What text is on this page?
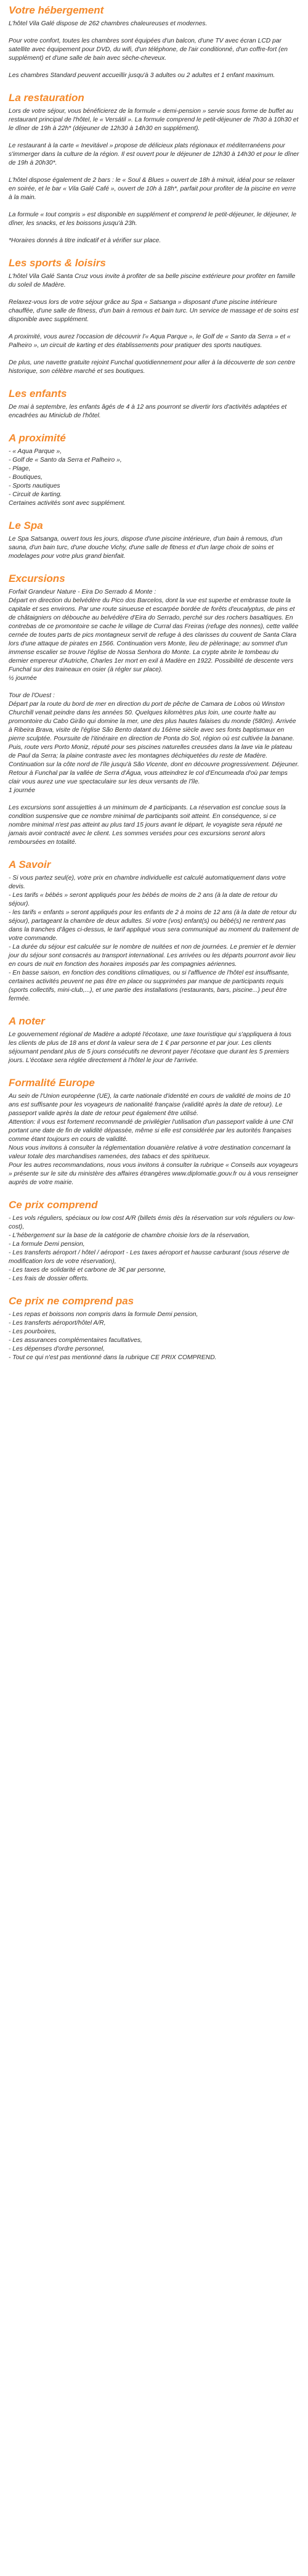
Votre hébergement

L'hôtel Vila Galé dispose de 262 chambres chaleureuses et modernes.

Pour votre confort, toutes les chambres sont équipées d'un balcon, d'une TV avec écran LCD par satellite avec équipement pour DVD, du wifi, d'un téléphone, de l'air conditionné, d'un coffre-fort (en supplément) et d'une salle de bain avec sèche-cheveux.

Les chambres Standard peuvent accueillir jusqu'à 3 adultes ou 2 adultes et 1 enfant maximum.

La restauration

Lors de votre séjour, vous bénéficierez de la formule « demi-pension » servie sous forme de buffet au restaurant principal de l'hôtel, le « Versátil ». La formule comprend le petit-déjeuner de 7h30 à 10h30 et le dîner de 19h à 22h* (déjeuner de 12h30 à 14h30 en supplément).

Le restaurant à la carte « Inevitável » propose de délicieux plats régionaux et méditerranéens pour s'immerger dans la culture de la région. Il est ouvert pour le déjeuner de 12h30 à 14h30 et pour le dîner de 19h à 20h30*.

L'hôtel dispose également de 2 bars : le « Soul & Blues » ouvert de 18h à minuit, idéal pour se relaxer en soirée, et le bar « Vila Galé Café », ouvert de 10h à 18h*, parfait pour profiter de la piscine en verre à la main.

La formule « tout compris » est disponible en supplément et comprend le petit-déjeuner, le déjeuner, le dîner, les snacks, et les boissons jusqu'à 23h.

*Horaires donnés à titre indicatif et à vérifier sur place.

Les sports & loisirs

L'hôtel Vila Galé Santa Cruz vous invite à profiter de sa belle piscine extérieure pour profiter en famille du soleil de Madère.

Relaxez-vous lors de votre séjour grâce au Spa « Satsanga » disposant d'une piscine intérieure chauffée, d'une salle de fitness, d'un bain à remous et bain turc. Un service de massage et de soins est disponible avec supplément.

A proximité, vous aurez l'occasion de découvrir l'« Aqua Parque », le Golf de « Santo da Serra » et « Palheiro », un circuit de karting et des établissements pour pratiquer des sports nautiques.

De plus, une navette gratuite rejoint Funchal quotidiennement pour aller à la découverte de son centre historique, son célèbre marché et ses boutiques.

Les enfants

De mai à septembre, les enfants âgés de 4 à 12 ans pourront se divertir lors d'activités adaptées et encadrées au Miniclub de l'hôtel.

A proximité

- « Aqua Parque »,

- Golf de « Santo da Serra et Palheiro »,

- Plage,

- Boutiques,

- Sports nautiques

- Circuit de karting.

Certaines activités sont avec supplément.

Le Spa

Le Spa Satsanga, ouvert tous les jours, dispose d'une piscine intérieure, d'un bain à remous, d'un sauna, d'un bain turc, d'une douche Vichy, d'une salle de fitness et d'un large choix de soins et modelages pour votre plus grand bienfait.

Excursions

Forfait Grandeur Nature - Eira Do Serrado & Monte :

Départ en direction du belvédère du Pico dos Barcelos, dont la vue est superbe et embrasse toute la capitale et ses environs. Par une route sinueuse et escarpée bordée de forêts d'eucalyptus, de pins et de châtaigniers on débouche au belvédère d'Eira do Serrado, perché sur des rochers basaltiques. En contrebas de ce promontoire se cache le village de Curral das Freiras (refuge des nonnes), cette vallée cernée de toutes parts de pics montagneux servit de refuge à des clarisses du couvent de Santa Clara lors d'une attaque de pirates en 1566. Continuation vers Monte, lieu de pèlerinage; au sommet d'un immense escalier se trouve l'église de Nossa Senhora do Monte. La crypte abrite le tombeau du dernier empereur d'Autriche, Charles 1er mort en exil à Madère en 1922. Possibilité de descente vers Funchal sur des traineaux en osier (à régler sur place).

½ journée

Tour de l'Ouest :

Départ par la route du bord de mer en direction du port de pêche de Camara de Lobos où Winston Churchill venait peindre dans les années 50. Quelques kilomètres plus loin, une courte halte au promontoire du Cabo Girão qui domine la mer, une des plus hautes falaises du monde (580m). Arrivée à Ribeira Brava, visite de l'église São Bento datant du 16ème siècle avec ses fonts baptismaux en pierre sculptée. Poursuite de l'itinéraire en direction de Ponta do Sol, région où est cultivée la banane. Puis, route vers Porto Moniz, réputé pour ses piscines naturelles creusées dans la lave via le plateau de Paul da Serra; la plaine contraste avec les montagnes déchiquetées du reste de Madère. Continuation sur la côte nord de l'île jusqu'à São Vicente, dont en découvre progressivement. Déjeuner. Retour à Funchal par la vallée de Serra d'Água, vous atteindrez le col d'Encumeada d'où par temps clair vous aurez une vue spectaculaire sur les deux versants de l'île.
1 journée

Les excursions sont assujetties à un minimum de 4 participants. La réservation est conclue sous la condition suspensive que ce nombre minimal de participants soit atteint. En conséquence, si ce nombre minimal n'est pas atteint au plus tard 15 jours avant le départ, le voyagiste sera réputé ne jamais avoir contracté avec le client. Les sommes versées pour ces excursions seront alors remboursées en totalité.

A Savoir

- Si vous partez seul(e), votre prix en chambre individuelle est calculé automatiquement dans votre devis.
- Les tarifs « bébés » seront appliqués pour les bébés de moins de 2 ans (à la date de retour du séjour).
- les tarifs « enfants » seront appliqués pour les enfants de 2 à moins de 12 ans (à la date de retour du séjour), partageant la chambre de deux adultes. Si votre (vos) enfant(s) ou bébé(s) ne rentrent pas dans la tranches d'âges ci-dessus, le tarif appliqué vous sera communiqué au moment du traitement de votre commande.
- La durée du séjour est calculée sur le nombre de nuitées et non de journées. Le premier et le dernier jour du séjour sont consacrés au transport international. Les arrivées ou les départs pourront avoir lieu en cours de nuit en fonction des horaires imposés par les compagnies aériennes.
- En basse saison, en fonction des conditions climatiques, ou si l'affluence de l'hôtel est insuffisante, certaines activités peuvent ne pas être en place ou supprimées par manque de participants requis (sports collectifs, mini-club,...), et une partie des installations (restaurants, bars, piscine...) peut être fermée.

A noter

Le gouvernement régional de Madère a adopté l'écotaxe, une taxe touristique qui s'appliquera à tous les clients de plus de 18 ans et dont la valeur sera de 1 € par personne et par jour. Les clients séjournant pendant plus de 5 jours consécutifs ne devront payer l'écotaxe que durant les 5 premiers jours. L'écotaxe sera réglée directement à l'hôtel le jour de l'arrivée.

Formalité Europe

Au sein de l'Union européenne (UE), la carte nationale d'identité en cours de validité de moins de 10 ans est suffisante pour les voyageurs de nationalité française (validité après la date de retour). Le passeport valide après la date de retour peut également être utilisé.
Attention: il vous est fortement recommandé de privilégier l'utilisation d'un passeport valide à une CNI portant une date de fin de validité dépassée, même si elle est considérée par les autorités françaises comme étant toujours en cours de validité.
Nous vous invitons à consulter la réglementation douanière relative à votre destination concernant la valeur totale des marchandises ramenées, des tabacs et des spiritueux.
Pour les autres recommandations, nous vous invitons à consulter la rubrique « Conseils aux voyageurs » présente sur le site du ministère des affaires étrangères www.diplomatie.gouv.fr ou à vous renseigner auprès de votre mairie.

Ce prix comprend

- Les vols réguliers, spéciaux ou low cost A/R (billets émis dès la réservation sur vols réguliers ou low-cost),
- L'hébergement sur la base de la catégorie de chambre choisie lors de la réservation,
- La formule Demi pension,
- Les transferts aéroport / hôtel / aéroport - Les taxes aéroport et hausse carburant (sous réserve de modification lors de votre réservation),
- Les taxes de solidarité et carbone de 3€ par personne,
- Les frais de dossier offerts.

Ce prix ne comprend pas

- Les repas et boissons non compris dans la formule Demi pension,

- Les transferts aéroport/hôtel A/R,

- Les pourboires,

- Les assurances complémentaires facultatives,

- Les dépenses d'ordre personnel,

- Tout ce qui n'est pas mentionné dans la rubrique CE PRIX COMPREND.
